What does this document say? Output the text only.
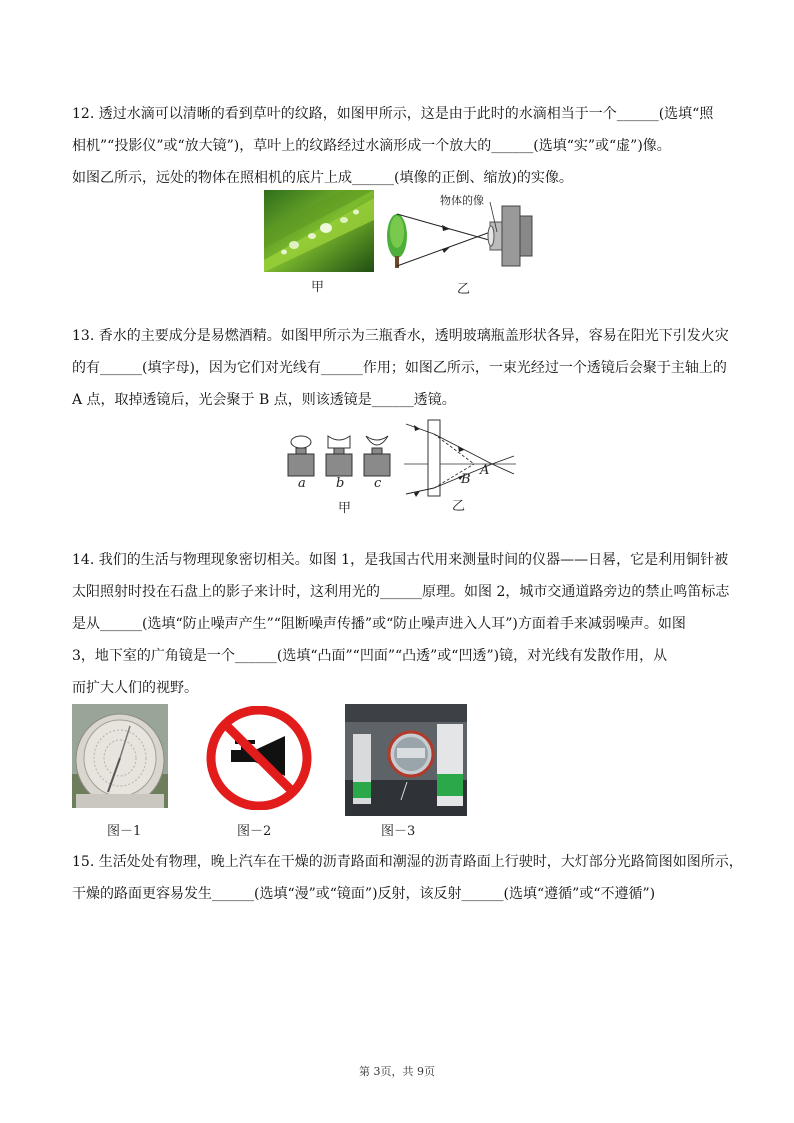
12. 透过水滴可以清晰的看到草叶的纹路，如图甲所示，这是由于此时的水滴相当于一个______(选填“照
相机”“投影仪”或“放大镜”)，草叶上的纹路经过水滴形成一个放大的______(选填“实”或“虚”)像。
如图乙所示，远处的物体在照相机的底片上成______(填像的正倒、缩放)的实像。
甲
物体的像
乙
13. 香水的主要成分是易燃酒精。如图甲所示为三瓶香水，透明玻璃瓶盖形状各异，容易在阳光下引发火灾
的有______(填字母)，因为它们对光线有______作用；如图乙所示，一束光经过一个透镜后会聚于主轴上的
A 点，取掉透镜后，光会聚于 B 点，则该透镜是______透镜。
a b c
甲
A
B
乙
14. 我们的生活与物理现象密切相关。如图 1，是我国古代用来测量时间的仪器——日晷，它是利用铜针被
太阳照射时投在石盘上的影子来计时，这利用光的______原理。如图 2，城市交通道路旁边的禁止鸣笛标志
是从______(选填“防止噪声产生”“阻断噪声传播”或“防止噪声进入人耳”)方面着手来减弱噪声。如图
3，地下室的广角镜是一个______(选填“凸面”“凹面”“凸透”或“凹透”)镜，对光线有发散作用，从
而扩大人们的视野。
图－1	图－2	图－3
15. 生活处处有物理，晚上汽车在干燥的沥青路面和潮湿的沥青路面上行驶时，大灯部分光路简图如图所示，
干燥的路面更容易发生______(选填“漫”或“镜面”)反射，该反射______(选填“遵循”或“不遵循”)
第 3页，共 9页
